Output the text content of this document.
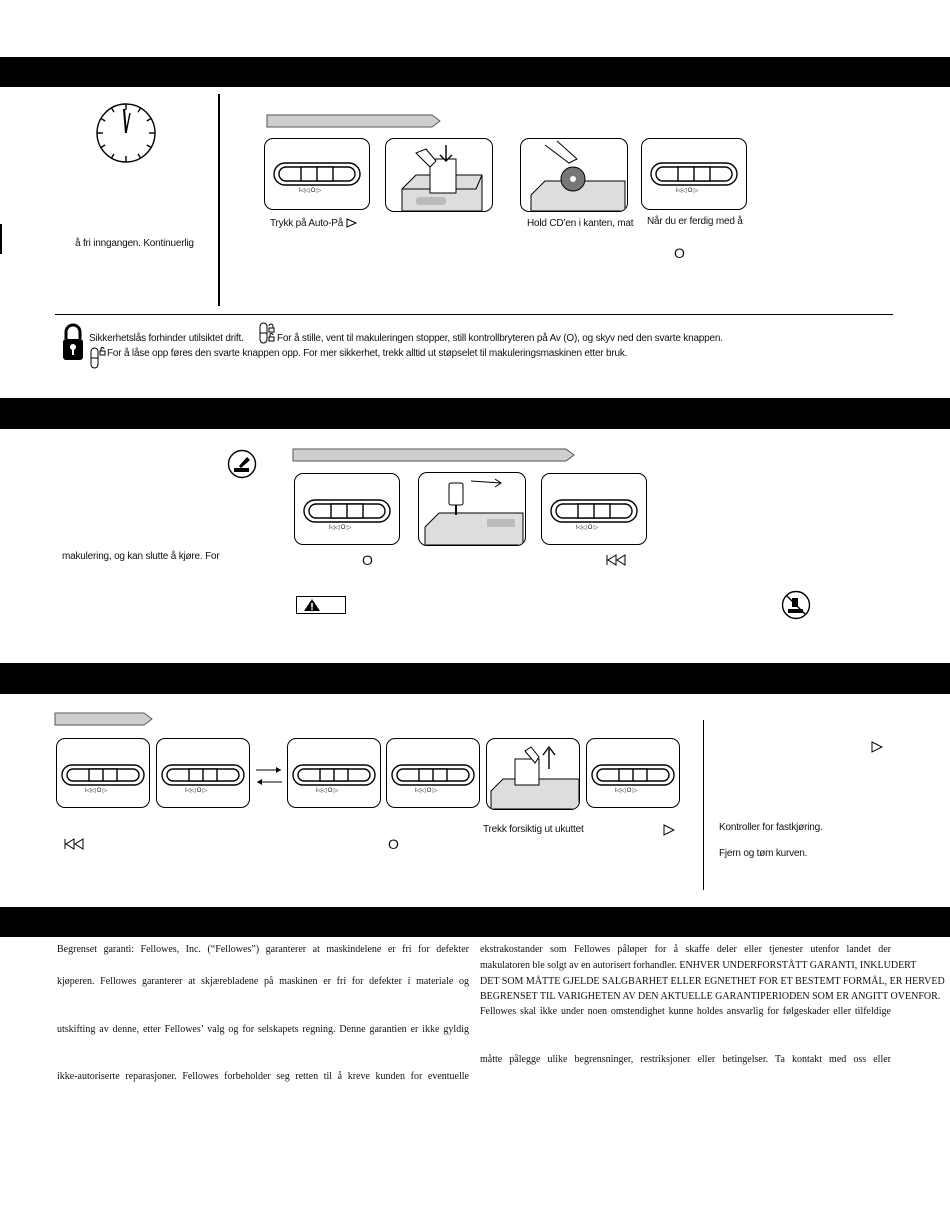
å fri inngangen. Kontinuerlig
I◁◁ O ▷
Trykk på Auto-På	Hold CD’en i kanten, mat
I◁◁ O ▷
Når du er ferdig med å
O
Sikkerhetslås forhinder utilsiktet drift.	For å stille, vent til makuleringen stopper, still kontrollbryteren på Av (O), og skyv ned den svarte knappen.
For å låse opp føres den svarte knappen opp. For mer sikkerhet, trekk alltid ut støpselet til makuleringsmaskinen etter bruk.
makulering, og kan slutte å kjøre. For
I◁◁ O ▷
O
I◁◁ O ▷
I◁◁ O ▷	I◁◁ O ▷	I◁◁ O ▷	I◁◁ O ▷	I◁◁ O ▷
O
Trekk forsiktig ut ukuttet	Kontroller for fastkjøring.
Fjern og tøm kurven.
Begrenset garanti: Fellowes, Inc. (“Fellowes”) garanterer at maskindelene er fri for defekter
kjøperen. Fellowes garanterer at skjærebladene på maskinen er fri for defekter i materiale og
utskifting av denne, etter Fellowes’ valg og for selskapets regning. Denne garantien er ikke gyldig
ikke-autoriserte reparasjoner. Fellowes forbeholder seg retten til å kreve kunden for eventuelle
ekstrakostander som Fellowes påløper for å skaffe deler eller tjenester utenfor landet der
makulatoren ble solgt av en autorisert forhandler. ENHVER UNDERFORSTÅTT GARANTI, INKLUDERT
DET SOM MÅTTE GJELDE SALGBARHET ELLER EGNETHET FOR ET BESTEMT FORMÅL, ER HERVED
BEGRENSET TIL VARIGHETEN AV DEN AKTUELLE GARANTIPERIODEN SOM ER ANGITT OVENFOR.
Fellowes skal ikke under noen omstendighet kunne holdes ansvarlig for følgeskader eller tilfeldige
måtte pålegge ulike begrensninger, restriksjoner eller betingelser. Ta kontakt med oss eller
